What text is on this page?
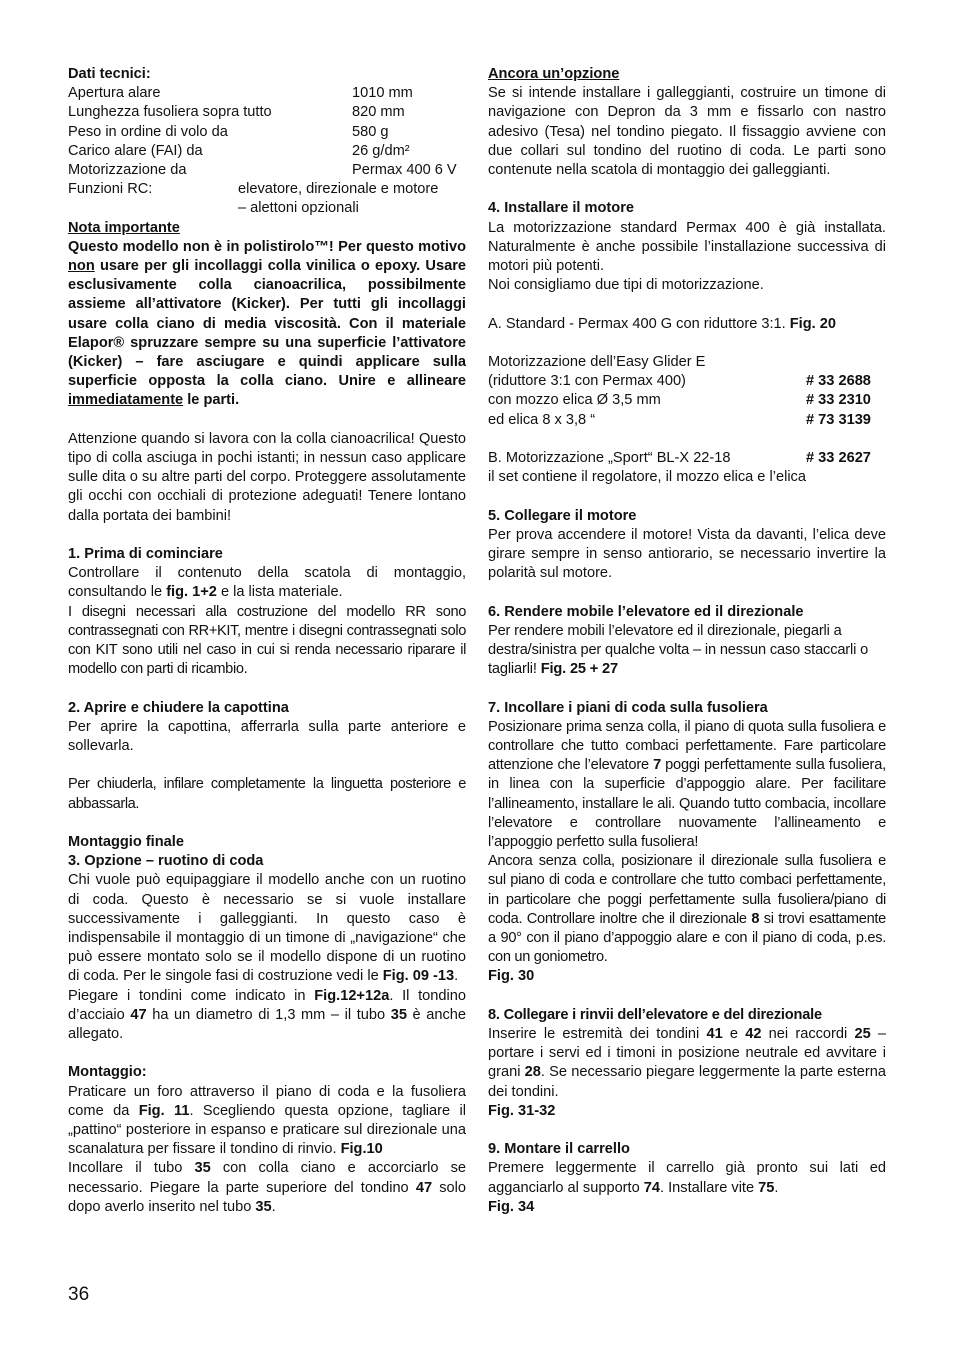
Dati tecnici:

Apertura alare	1010 mm
Lunghezza fusoliera sopra tutto	820 mm
Peso in ordine di volo da	580 g
Carico alare (FAI) da	26 g/dm²
Motorizzazione da	Permax 400 6 V
Funzioni RC:	elevatore, direzionale e motore
– alettoni opzionali

Nota importante

Questo modello non è in polistirolo™! Per questo motivo non usare per gli incollaggi colla vinilica o epoxy. Usare esclusivamente colla cianoacrilica, possibilmente assieme all’attivatore (Kicker). Per tutti gli incollaggi usare colla ciano di media viscosità. Con il materiale Elapor® spruzzare sempre su una superficie l’attivatore (Kicker) – fare asciugare e quindi applicare sulla superficie opposta la colla ciano. Unire e allineare immediatamente le parti.

Attenzione quando si lavora con la colla cianoacrilica! Questo tipo di colla asciuga in pochi istanti; in nessun caso applicare sulle dita o su altre parti del corpo. Proteggere assolutamente gli occhi con occhiali di protezione adeguati! Tenere lontano dalla portata dei bambini!

1. Prima di cominciare

Controllare il contenuto della scatola di montaggio, consultando le fig. 1+2 e la lista materiale.

I disegni necessari alla costruzione del modello RR sono contrassegnati con RR+KIT, mentre i disegni contrassegnati solo con KIT sono utili nel caso in cui si renda necessario riparare il modello con parti di ricambio.

2. Aprire e chiudere la capottina

Per aprire la capottina, afferrarla sulla parte anteriore e sollevarla.

Per chiuderla, infilare completamente la linguetta posteriore e abbassarla.

Montaggio finale

3. Opzione – ruotino di coda

Chi vuole può equipaggiare il modello anche con un ruotino di coda. Questo è necessario se si vuole installare successivamente i galleggianti. In questo caso è indispensabile il montaggio di un timone di „navigazione“ che può essere montato solo se il modello dispone di un ruotino di coda. Per le singole fasi di costruzione vedi le Fig. 09 -13.

Piegare i tondini come indicato in Fig.12+12a. Il tondino d’acciaio 47 ha un diametro di 1,3 mm – il tubo 35 è anche allegato.

Montaggio:

Praticare un foro attraverso il piano di coda e la fusoliera come da Fig. 11. Scegliendo questa opzione, tagliare il „pattino“ posteriore in espanso e praticare sul direzionale una scanalatura per fissare il tondino di rinvio. Fig.10

Incollare il tubo 35 con colla ciano e accorciarlo se necessario. Piegare la parte superiore del tondino 47 solo dopo averlo inserito nel tubo 35.

Ancora un’opzione

Se si intende installare i galleggianti, costruire un timone di navigazione con Depron da 3 mm e fissarlo con nastro adesivo (Tesa) nel tondino piegato. Il fissaggio avviene con due collari sul tondino del ruotino di coda. Le parti sono contenute nella scatola di montaggio dei galleggianti.

4. Installare il motore

La motorizzazione standard Permax 400 è già installata. Naturalmente è anche possibile l’installazione successiva di motori più potenti.

Noi consigliamo due tipi di motorizzazione.

A. Standard - Permax 400 G con riduttore 3:1. Fig. 20

Motorizzazione dell’Easy Glider E

(riduttore 3:1 con Permax 400)	# 33 2688
con mozzo elica Ø 3,5 mm	# 33 2310
ed elica 8 x 3,8 “	# 73 3139
B. Motorizzazione „Sport“ BL-X 22-18	# 33 2627

il set contiene il regolatore, il mozzo elica e l’elica

5. Collegare il motore

Per prova accendere il motore! Vista da davanti, l’elica deve girare sempre in senso antiorario, se necessario invertire la polarità sul motore.

6. Rendere mobile l’elevatore ed il direzionale

Per rendere mobili l’elevatore ed il direzionale, piegarli a destra/sinistra per qualche volta – in nessun caso staccarli o tagliarli! Fig. 25 + 27

7. Incollare i piani di coda sulla fusoliera

Posizionare prima senza colla, il piano di quota sulla fusoliera e controllare che tutto combaci perfettamente. Fare particolare attenzione che l’elevatore 7 poggi perfettamente sulla fusoliera, in linea con la superficie d’appoggio alare. Per facilitare l’allineamento, installare le ali. Quando tutto combacia, incollare l’elevatore e controllare nuovamente l’allineamento e l’appoggio perfetto sulla fusoliera!

Ancora senza colla, posizionare il direzionale sulla fusoliera e sul piano di coda e controllare che tutto combaci perfettamente, in particolare che poggi perfettamente sulla fusoliera/piano di coda. Controllare inoltre che il direzionale 8 si trovi esattamente a 90° con il piano d’appoggio alare e con il piano di coda, p.es. con un goniometro.

Fig. 30

8. Collegare i rinvii dell’elevatore e del direzionale

Inserire le estremità dei tondini 41 e 42 nei raccordi 25 – portare i servi ed i timoni in posizione neutrale ed avvitare i grani 28. Se necessario piegare leggermente la parte esterna dei tondini.

Fig. 31-32

9. Montare il carrello

Premere leggermente il carrello già pronto sui lati ed agganciarlo al supporto 74. Installare vite 75.

Fig. 34

36
